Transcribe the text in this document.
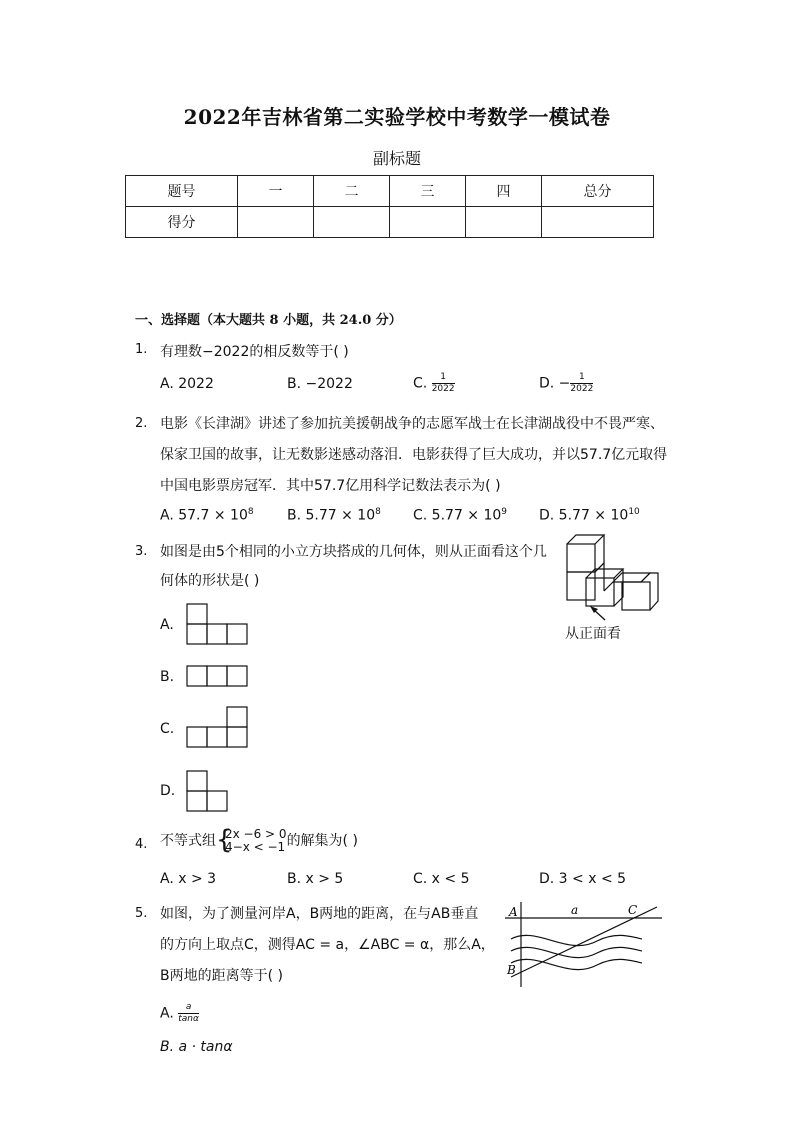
2022年吉林省第二实验学校中考数学一模试卷
副标题
题号	一	二	三	四	总分
得分					
一、选择题（本大题共 8 小题，共 24.0 分）
1. 有理数−2022的相反数等于( )
A. 2022	B. −2022	C. $\frac{1}{2022}$	D. − $\frac{1}{2022}$
2. 电影《长津湖》讲述了参加抗美援朝战争的志愿军战士在长津湖战役中不畏严寒、
保家卫国的故事，让无数影迷感动落泪．电影获得了巨大成功，并以57.7亿元取得
中国电影票房冠军．其中57.7亿用科学记数法表示为( )
A. $57.7 \times 10^8$ B. $5.77 \times 10^8$ C. $5.77 \times 10^9$ D. $5.77 \times 10^{10}$
3. 如图是由5个相同的小立方块搭成的几何体，则从正面看这个几
何体的形状是( )
从正面看
A.
B.
C.
D.
4. 不等式组 {
2x −6 > 0
4−x < −1 的解集为( )
A. x > 3	B. x > 5	C. x < 5	D. 3 < x < 5
5. 如图，为了测量河岸A，B两地的距离，在与AB垂直
的方向上取点C，测得AC = a，∠ABC = α，那么A，
B两地的距离等于( )
A
B
C
a
A. $\frac{a}{\tan\alpha}$
B. a · tanα
